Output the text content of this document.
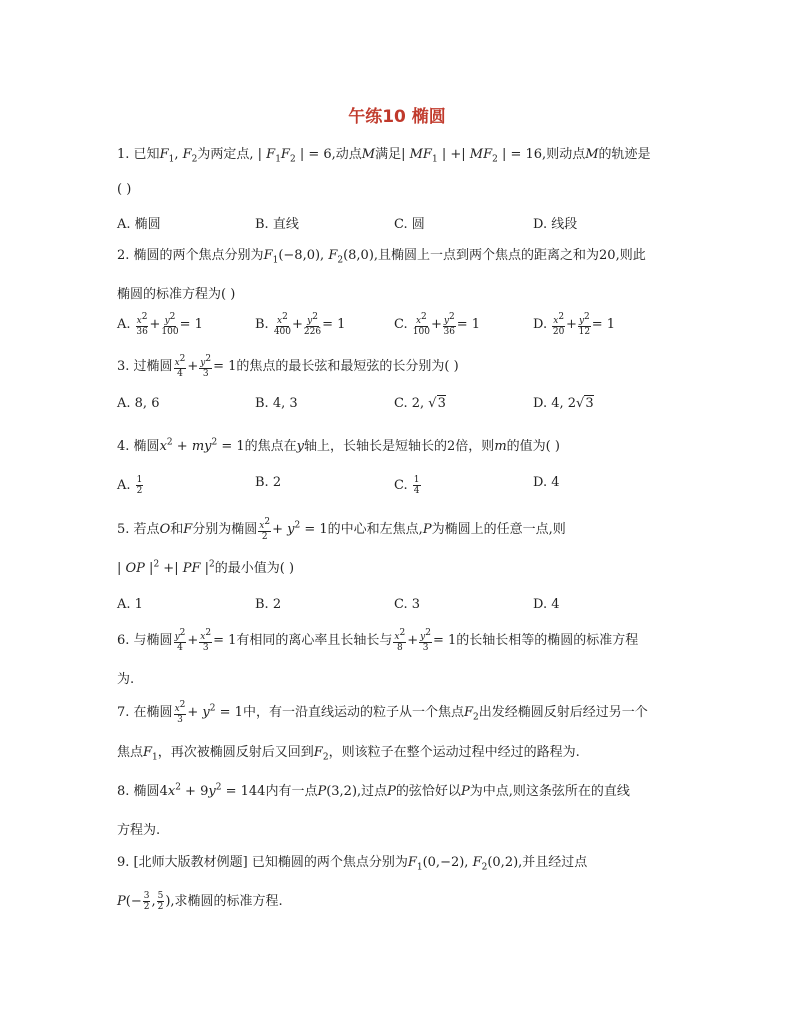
午练10 椭圆
1. 已知$F_1$, $F_2$为两定点, | $F_1F_2$ | = 6,动点M满足| $MF_1$ | +| $MF_2$ | = 16,则动点M的轨迹是
( )
A. 椭圆	B. 直线	C. 圆	D. 线段
2. 椭圆的两个焦点分别为$F_1(-8,0)$, $F_2(8,0)$,且椭圆上一点到两个焦点的距离之和为20,则此
椭圆的标准方程为( )
A. $\frac{x^2}{36} + \frac{y^2}{100} = 1$	B. $\frac{x^2}{400} + \frac{y^2}{226} = 1$	C. $\frac{x^2}{100} + \frac{y^2}{36} = 1$	D. $\frac{x^2}{20} + \frac{y^2}{12} = 1$
3. 过椭圆 $\frac{x^2}{4} + \frac{y^2}{3} = 1$的焦点的最长弦和最短弦的长分别为( )
A. 8, 6	B. 4, 3	C. 2, √3	D. 4, 2√3
4. 椭圆$x^2 + my^2 = 1$的焦点在y轴上，长轴长是短轴长的2倍，则m的值为( )
A. $\frac{1}{2}$	B. 2	C. $\frac{1}{4}$	D. 4
5. 若点O和F分别为椭圆 $\frac{x^2}{2} + y^2 = 1$的中心和左焦点,P为椭圆上的任意一点,则
| OP $|^2$ +| PF $|^2$的最小值为( )
A. 1	B. 2	C. 3	D. 4
6. 与椭圆 $\frac{y^2}{4} + \frac{x^2}{3} = 1$有相同的离心率且长轴长与 $\frac{x^2}{8} + \frac{y^2}{3} = 1$的长轴长相等的椭圆的标准方程
为.
7. 在椭圆 $\frac{x^2}{3} + y^2 = 1$中，有一沿直线运动的粒子从一个焦点$F_2$出发经椭圆反射后经过另一个
焦点$F_1$，再次被椭圆反射后又回到$F_2$，则该粒子在整个运动过程中经过的路程为.
8. 椭圆$4x^2 + 9y^2 = 144$内有一点P(3,2),过点P的弦恰好以P为中点,则这条弦所在的直线
方程为.
9. [北师大版教材例题] 已知椭圆的两个焦点分别为$F_1(0,-2)$, $F_2(0,2)$,并且经过点
$P(- \frac{3}{2}$ , $\frac{5}{2}$ ),求椭圆的标准方程.
